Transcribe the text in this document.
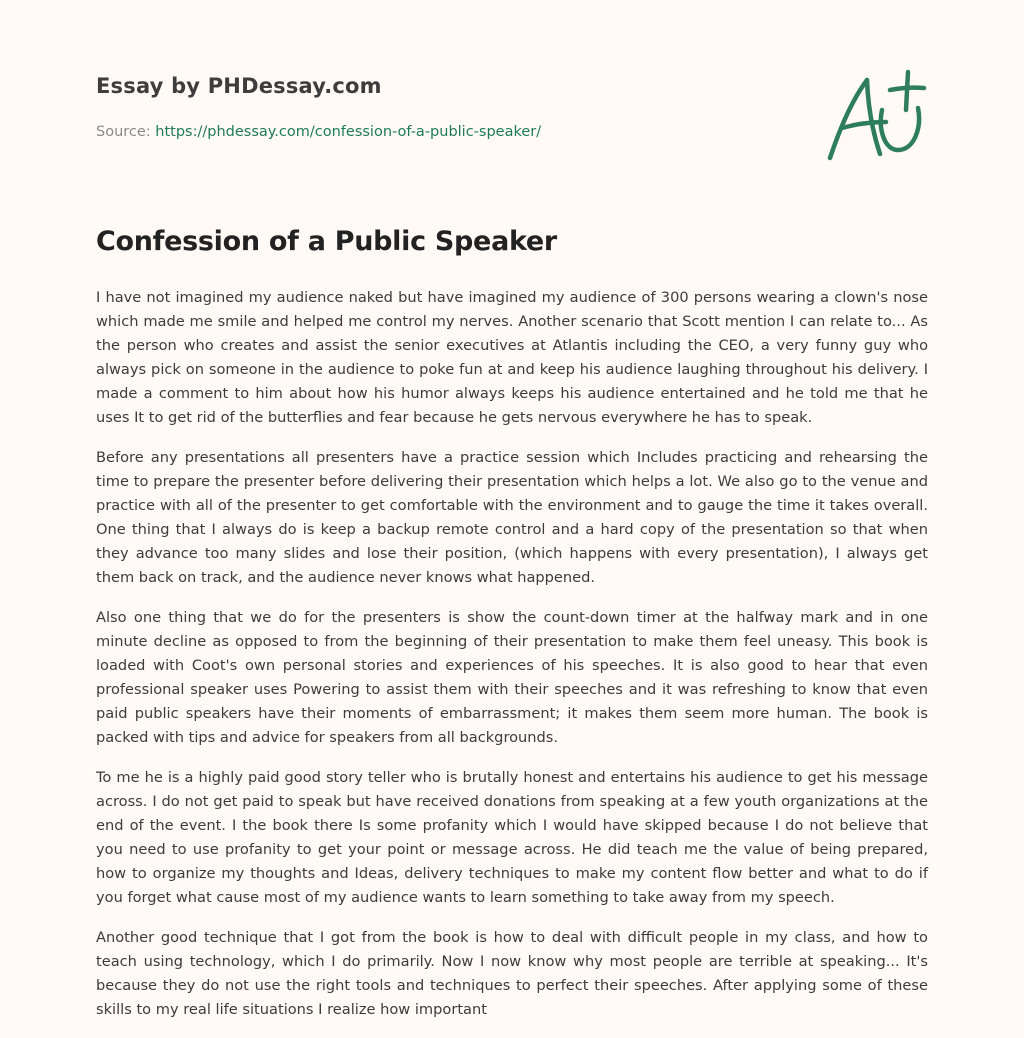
Essay by PHDessay.com
Source: https://phdessay.com/confession-of-a-public-speaker/
Confession of a Public Speaker

I have not imagined my audience naked but have imagined my audience of 300 persons wearing a clown's nose which made me smile and helped me control my nerves. Another scenario that Scott mention I can relate to... As the person who creates and assist the senior executives at Atlantis including the CEO, a very funny guy who always pick on someone in the audience to poke fun at and keep his audience laughing throughout his delivery. I made a comment to him about how his humor always keeps his audience entertained and he told me that he uses It to get rid of the butterflies and fear because he gets nervous everywhere he has to speak.

Before any presentations all presenters have a practice session which Includes practicing and rehearsing the time to prepare the presenter before delivering their presentation which helps a lot. We also go to the venue and practice with all of the presenter to get comfortable with the environment and to gauge the time it takes overall. One thing that I always do is keep a backup remote control and a hard copy of the presentation so that when they advance too many slides and lose their position, (which happens with every presentation), I always get them back on track, and the audience never knows what happened.

Also one thing that we do for the presenters is show the count-down timer at the halfway mark and in one minute decline as opposed to from the beginning of their presentation to make them feel uneasy. This book is loaded with Coot's own personal stories and experiences of his speeches. It is also good to hear that even professional speaker uses Powering to assist them with their speeches and it was refreshing to know that even paid public speakers have their moments of embarrassment; it makes them seem more human. The book is packed with tips and advice for speakers from all backgrounds.

To me he is a highly paid good story teller who is brutally honest and entertains his audience to get his message across. I do not get paid to speak but have received donations from speaking at a few youth organizations at the end of the event. I the book there Is some profanity which I would have skipped because I do not believe that you need to use profanity to get your point or message across. He did teach me the value of being prepared, how to organize my thoughts and Ideas, delivery techniques to make my content flow better and what to do if you forget what cause most of my audience wants to learn something to take away from my speech.

Another good technique that I got from the book is how to deal with difficult people in my class, and how to teach using technology, which I do primarily. Now I now know why most people are terrible at speaking... It's because they do not use the right tools and techniques to perfect their speeches. After applying some of these skills to my real life situations I realize how important
